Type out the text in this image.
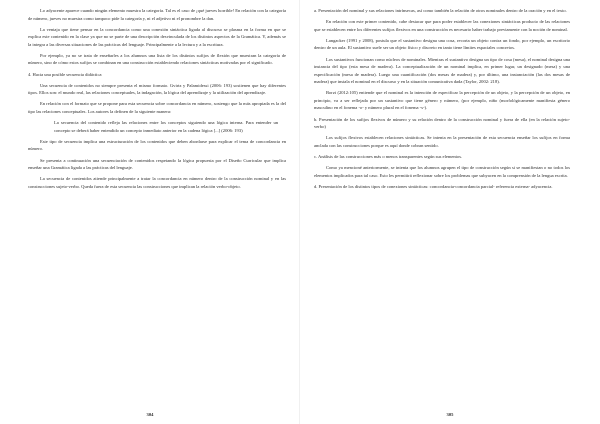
Lo adyacente aparece cuando ningún elemento muestra la categoría. Tal es el caso de ¡qué jueves horrible! En relación con la categoría de número, jueves no muestra como tampoco pide la categoría y, ni el adjetivo ni el pronombre la dan.

La ventaja que tiene pensar en la concordancia como una conexión sintáctica ligada al discurso se plasma en la forma en que se explica este contenido en la clase ya que no se parte de una descripción desvinculada de los distintos aspectos de la Gramática. Y, además se la integra a las diversas situaciones de las prácticas del lenguaje. Principalmente a la lectura y a la escritura.

Por ejemplo, ya no se trata de enseñarles a los alumnos una lista de los distintos sufijos de flexión que muestran la categoría de número, sino de cómo estos sufijos se combinan en una construcción estableciendo relaciones sintácticas motivadas por el significado.

4. Hacia una posible secuencia didáctica

Una secuencia de contenidos no siempre presenta el mismo formato. Gvirtz y Palamidessi (2006: 193) sostienen que hay diferentes tipos. Ellos son: el mundo real, las relaciones conceptuales, la indagación, la lógica del aprendizaje y la utilización del aprendizaje.

En relación con el formato que se propone para esta secuencia sobre concordancia en número, sostengo que la más apropiada es la del tipo las relaciones conceptuales. Los autores la definen de la siguiente manera:

La secuencia del contenido refleja las relaciones entre los conceptos siguiendo una lógica interna. Para entender un concepto se deberá haber entendido un concepto inmediato anterior en la cadena lógica [...] (2006: 193)

Este tipo de secuencia implica una estructuración de los contenidos que deben abordarse para explicar el tema de concordancia en número.

Se presenta a continuación una secuenciación de contenidos respetando la lógica propuesta por el Diseño Curricular que implica enseñar una Gramática ligada a las prácticas del lenguaje.

La secuencia de contenidos atiende principalmente a tratar la concordancia en número dentro de la construcción nominal y en las construcciones sujeto-verbo. Queda fuera de esta secuencia las construcciones que implican la relación verbo-objeto.

304

a. Presentación del nominal y sus relaciones intrínsecas, así como también la relación de otros nominales dentro de la oración y en el texto.

En relación con este primer contenido, cabe destacar que para poder establecer las conexiones sintácticas producto de las relaciones que se establecen entre los diferentes sufijos flexivos en una construcción es necesario haber trabajo previamente con la noción de nominal.

Langacker (1991 y 2008), postula que el sustantivo designa una cosa, recorta un objeto contra un fondo, por ejemplo, un escritorio dentro de un aula. El sustantivo suele ser un objeto físico y discreto en tanto tiene límites espaciales concretos.

Los sustantivos funcionan como núcleos de nominales. Mientras el sustantivo designa un tipo de cosa (mesa), el nominal designa una instancia del tipo (esta mesa de madera). La conceptualización de un nominal implica, en primer lugar, un designado (mesa) y una especificación (mesa de madera). Luego una cuantificación (dos mesas de madera) y, por último, una instanciación (las dos mesas de madera) que instala el nominal en el discurso y en la situación comunicativa dada (Taylor, 2002: 218).

Borzi (2012:105) entiende que el nominal es la intención de especificar la percepción de un objeto, y la percepción de un objeto, en principio, va a ser reflejada por un sustantivo que tiene género y número, (por ejemplo, niño (morfológicamente manifiesta género masculino en el fonema -o- y número plural en el fonema -s-).

b. Presentación de los sufijos flexivos de número y su relación dentro de la construcción nominal y fuera de ella (en la relación sujeto-verbo)

Los sufijos flexivos establecen relaciones sintácticas. Se intenta en la presentación de esta secuencia enseñar los sufijos en forma anclada con las construcciones porque es aquí donde cobran sentido.

c. Análisis de las construcciones más o menos transparentes según sus elementos.

Como ya mencioné anteriormente, se intenta que los alumnos agrupen el tipo de construcción según si se manifiestan o no todos los elementos implicados para tal caso. Esto les permitirá reflexionar sobre los problemas que subyacen en la comprensión de la lengua escrita.

d. Presentación de los distintos tipos de conexiones sintácticas: concordancia-concordancia parcial- referencia externa- adyacencia.

305
